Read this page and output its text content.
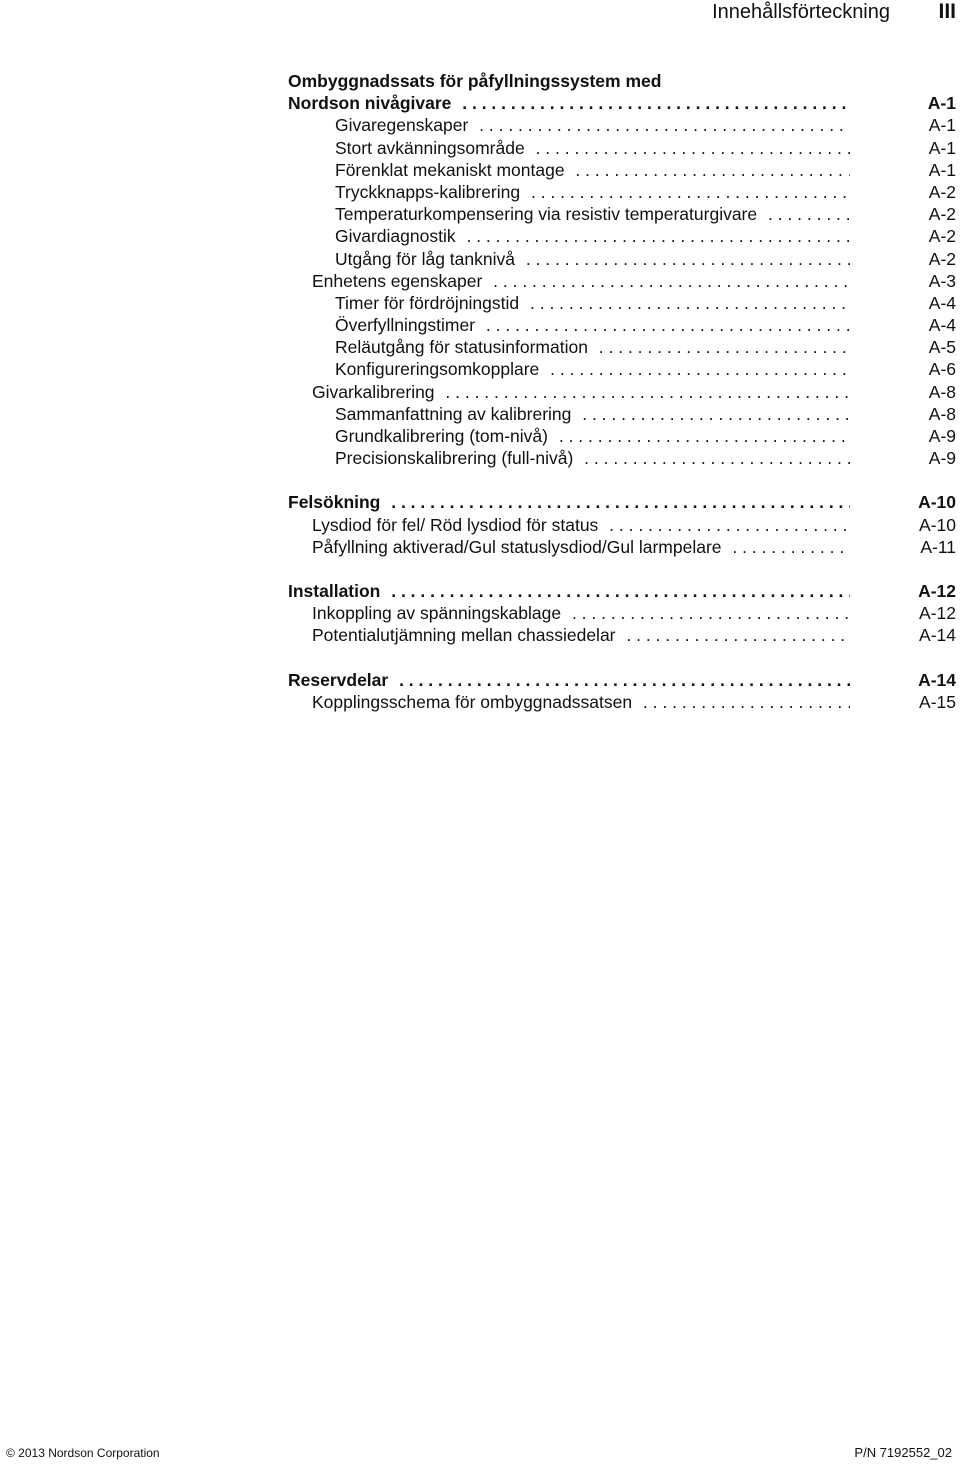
Innehållsförteckning III
Ombyggnadssats för påfyllningssystem med
Nordson nivågivare . . .	A-1
Givaregenskaper . . .	A-1
Stort avkänningsområde . . .	A-1
Förenklat mekaniskt montage . . .	A-1
Tryckknapps-kalibrering . . .	A-2
Temperaturkompensering via resistiv temperaturgivare . . .	A-2
Givardiagnostik . . .	A-2
Utgång för låg tanknivå . . .	A-2
Enhetens egenskaper . . .	A-3
Timer för fördröjningstid . . .	A-4
Överfyllningstimer . . .	A-4
Reläutgång för statusinformation . . .	A-5
Konfigureringsomkopplare . . .	A-6
Givarkalibrering . . .	A-8
Sammanfattning av kalibrering . . .	A-8
Grundkalibrering (tom-nivå) . . .	A-9
Precisionskalibrering (full-nivå) . . .	A-9
Felsökning . . .	A-10
Lysdiod för fel/ Röd lysdiod för status . . .	A-10
Påfyllning aktiverad/Gul statuslysdiod/Gul larmpelare . . .	A-11
Installation . . .	A-12
Inkoppling av spänningskablage . . .	A-12
Potentialutjämning mellan chassiedelar . . .	A-14
Reservdelar . . .	A-14
Kopplingsschema för ombyggnadssatsen . . .	A-15
© 2013 Nordson Corporation	P/N 7192552_02
